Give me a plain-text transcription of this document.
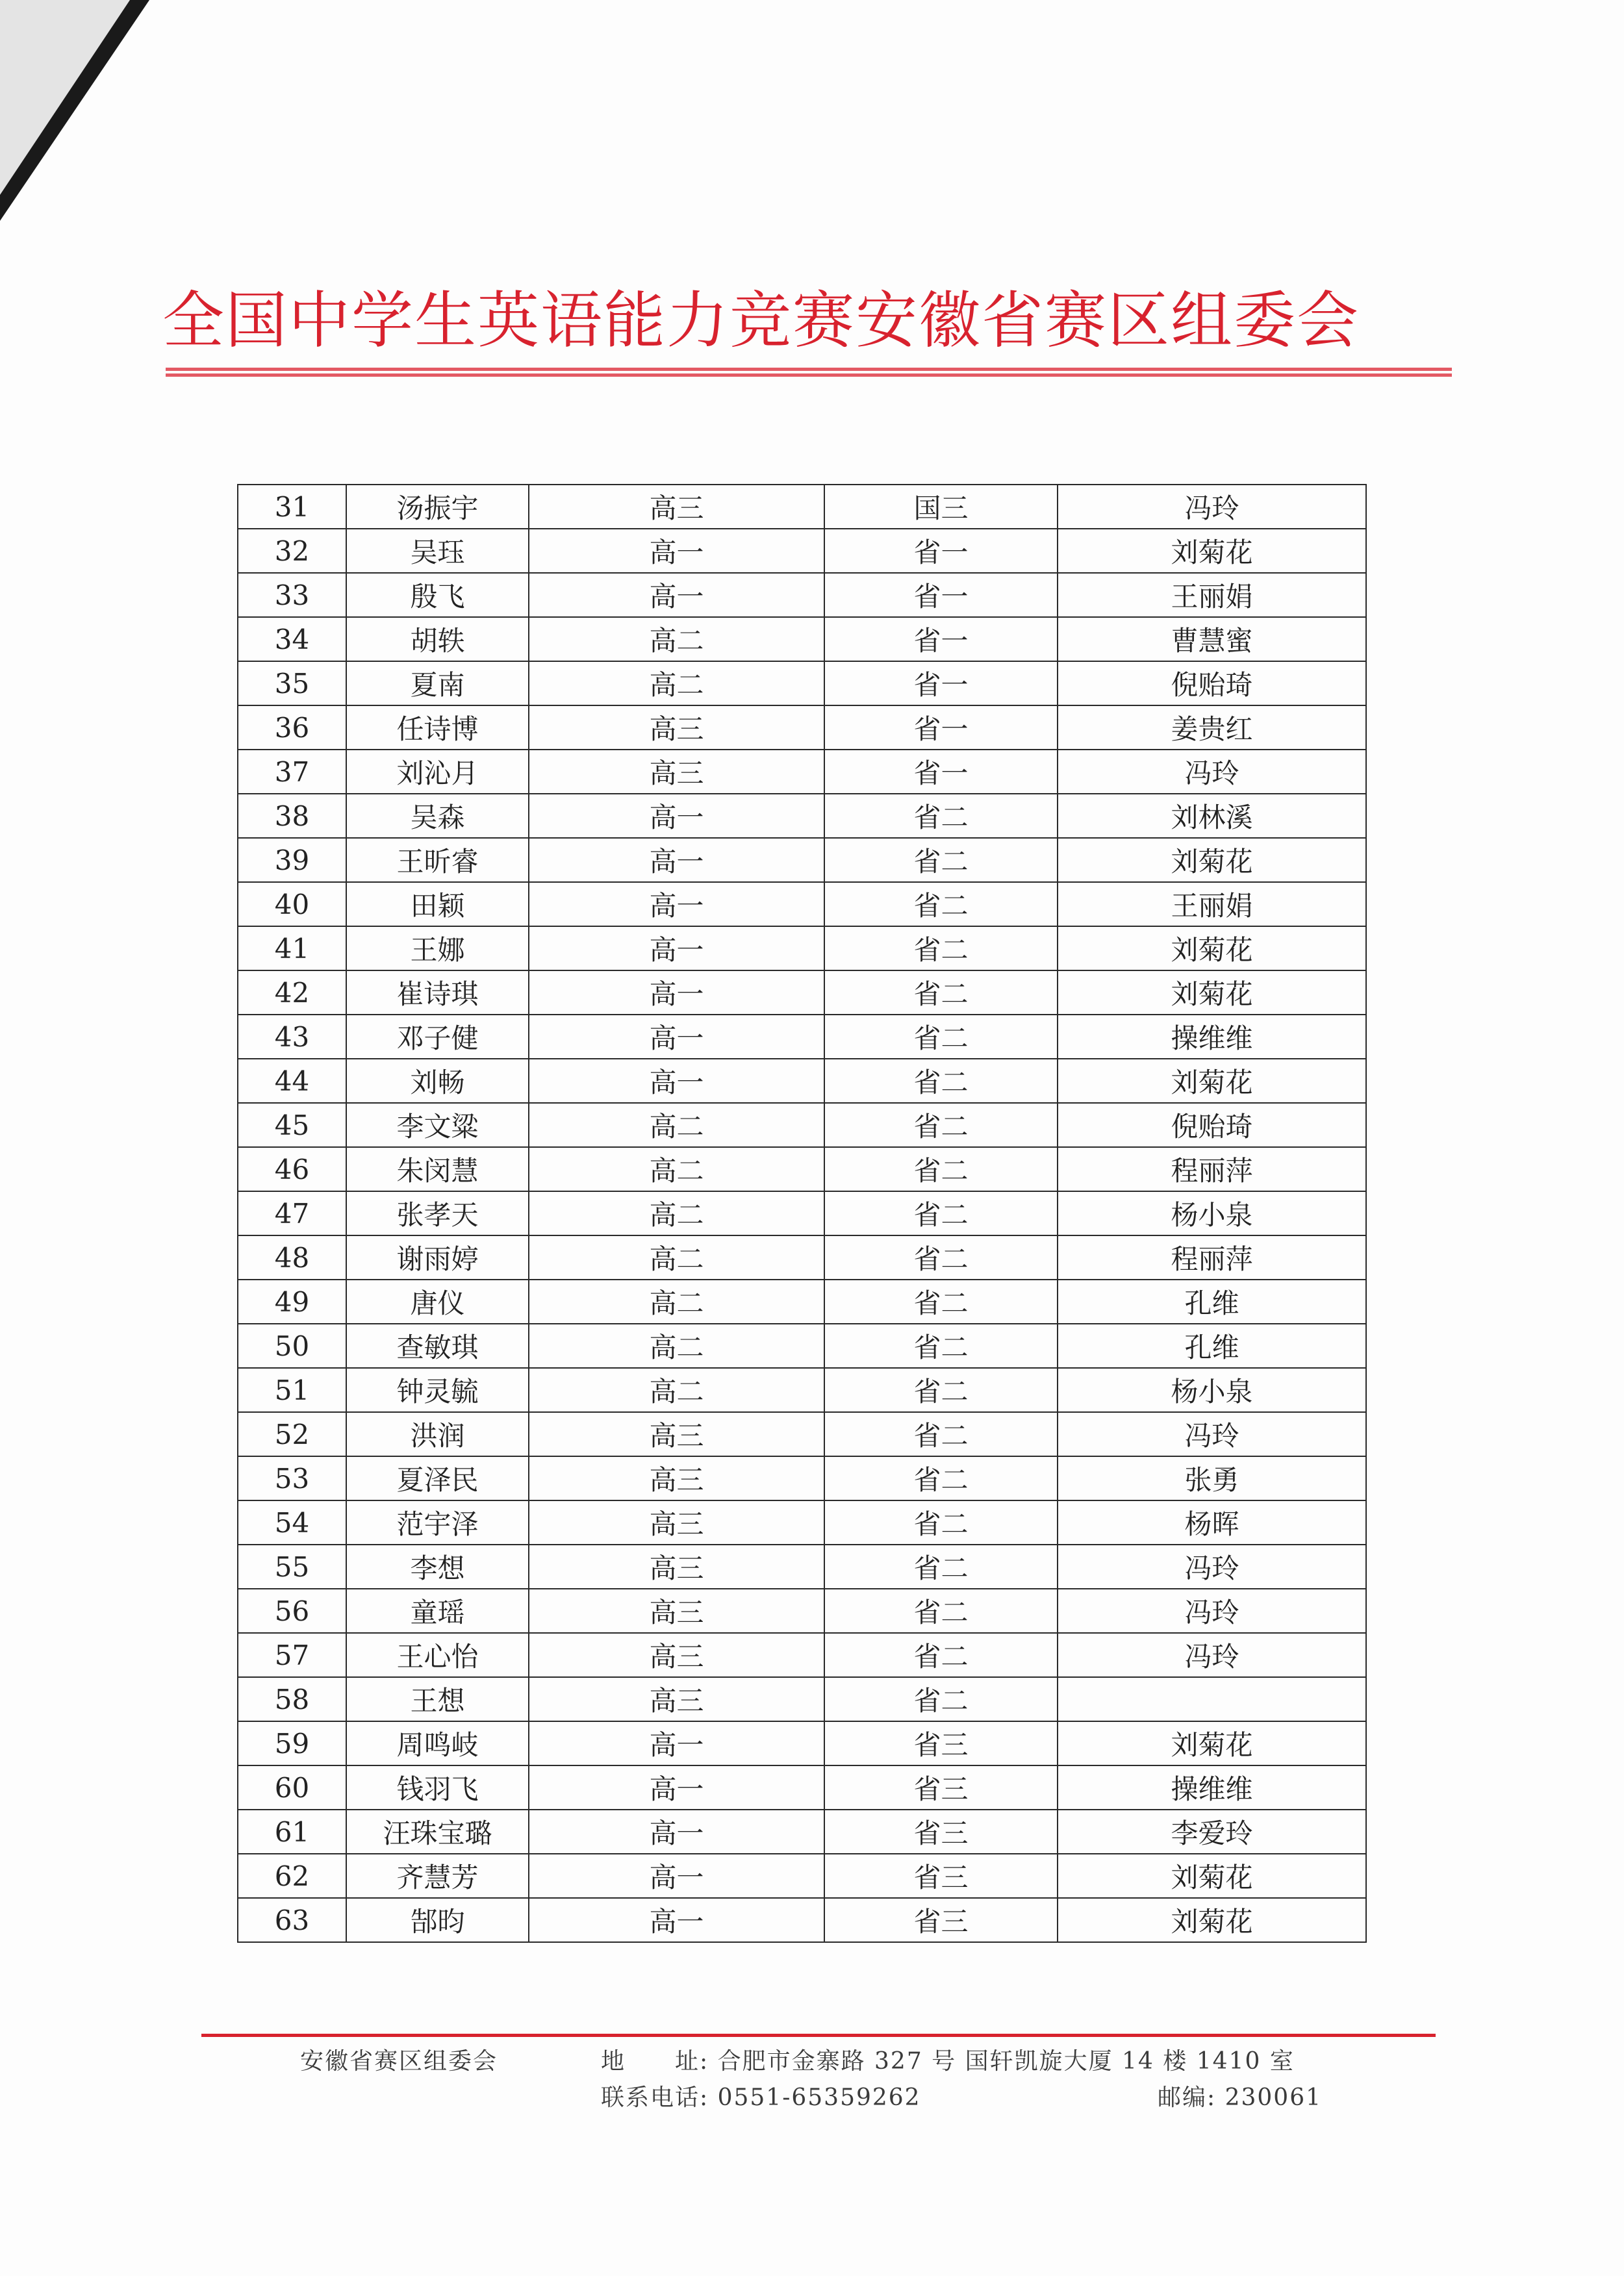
全国中学生英语能力竞赛安徽省赛区组委会
31	汤振宇	高三	国三	冯玲
32	吴珏	高一	省一	刘菊花
33	殷飞	高一	省一	王丽娟
34	胡轶	高二	省一	曹慧蜜
35	夏南	高二	省一	倪贻琦
36	任诗博	高三	省一	姜贵红
37	刘沁月	高三	省一	冯玲
38	吴森	高一	省二	刘林溪
39	王昕睿	高一	省二	刘菊花
40	田颖	高一	省二	王丽娟
41	王娜	高一	省二	刘菊花
42	崔诗琪	高一	省二	刘菊花
43	邓子健	高一	省二	操维维
44	刘畅	高一	省二	刘菊花
45	李文粱	高二	省二	倪贻琦
46	朱闵慧	高二	省二	程丽萍
47	张孝天	高二	省二	杨小泉
48	谢雨婷	高二	省二	程丽萍
49	唐仪	高二	省二	孔维
50	查敏琪	高二	省二	孔维
51	钟灵毓	高二	省二	杨小泉
52	洪润	高三	省二	冯玲
53	夏泽民	高三	省二	张勇
54	范宇泽	高三	省二	杨晖
55	李想	高三	省二	冯玲
56	童瑶	高三	省二	冯玲
57	王心怡	高三	省二	冯玲
58	王想	高三	省二	
59	周鸣岐	高一	省三	刘菊花
60	钱羽飞	高一	省三	操维维
61	汪珠宝璐	高一	省三	李爱玲
62	齐慧芳	高一	省三	刘菊花
63	郜昀	高一	省三	刘菊花
安徽省赛区组委会	地　　址: 合肥市金寨路 327 号 国轩凯旋大厦 14 楼 1410 室
联系电话: 0551-65359262	邮编: 230061
